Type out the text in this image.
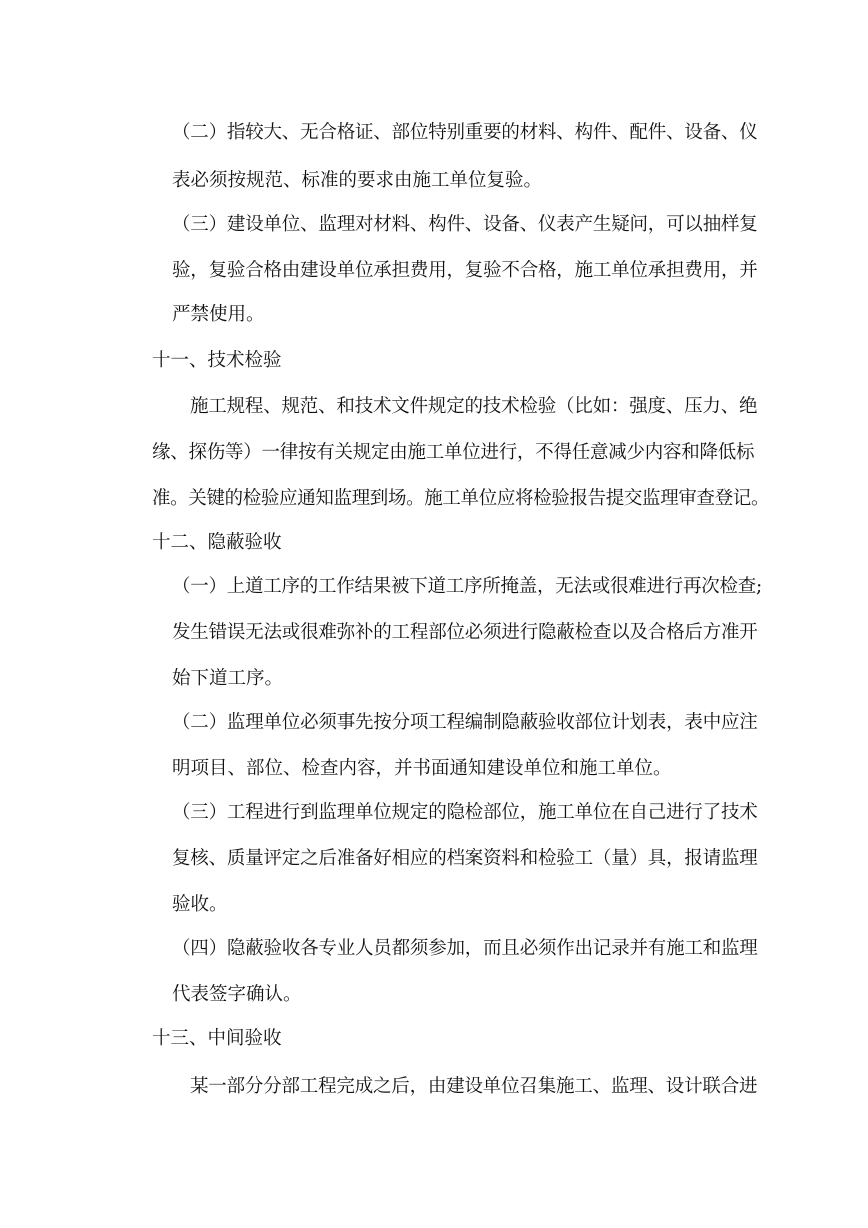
（二）指较大、无合格证、部位特别重要的材料、构件、配件、设备、仪
表必须按规范、标准的要求由施工单位复验。
（三）建设单位、监理对材料、构件、设备、仪表产生疑问，可以抽样复
验，复验合格由建设单位承担费用，复验不合格，施工单位承担费用，并
严禁使用。
十一、技术检验
施工规程、规范、和技术文件规定的技术检验（比如：强度、压力、绝
缘、探伤等）一律按有关规定由施工单位进行，不得任意减少内容和降低标
准。关键的检验应通知监理到场。施工单位应将检验报告提交监理审查登记。
十二、隐蔽验收
（一）上道工序的工作结果被下道工序所掩盖，无法或很难进行再次检查;
发生错误无法或很难弥补的工程部位必须进行隐蔽检查以及合格后方准开
始下道工序。
（二）监理单位必须事先按分项工程编制隐蔽验收部位计划表，表中应注
明项目、部位、检查内容，并书面通知建设单位和施工单位。
（三）工程进行到监理单位规定的隐检部位，施工单位在自己进行了技术
复核、质量评定之后准备好相应的档案资料和检验工（量）具，报请监理
验收。
（四）隐蔽验收各专业人员都须参加，而且必须作出记录并有施工和监理
代表签字确认。
十三、中间验收
某一部分分部工程完成之后，由建设单位召集施工、监理、设计联合进
